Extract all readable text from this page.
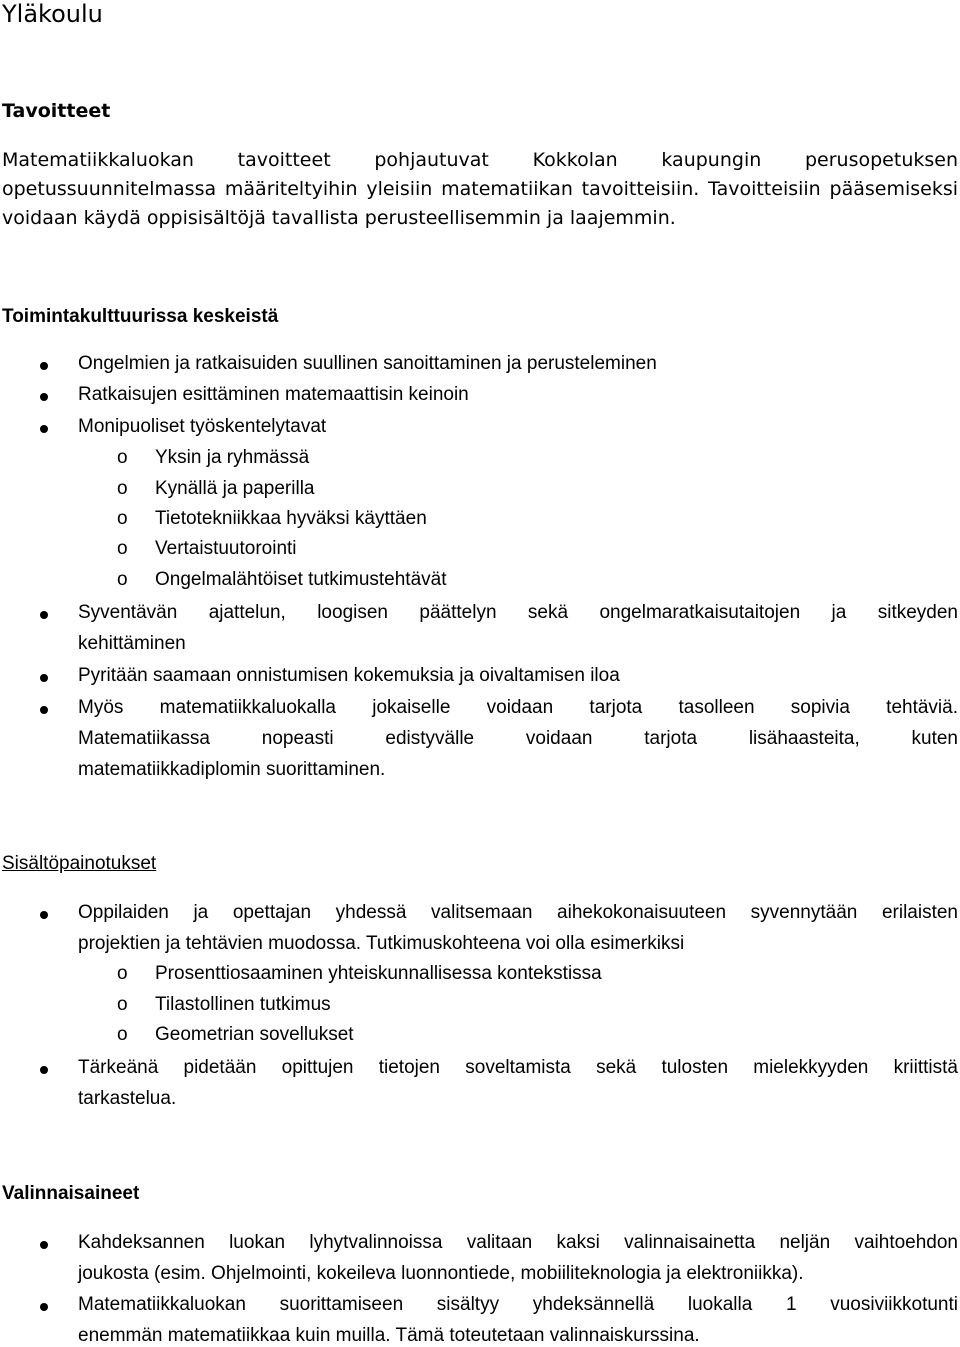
Yläkoulu
Tavoitteet
Matematiikkaluokan tavoitteet pohjautuvat Kokkolan kaupungin perusopetuksen
opetussuunnitelmassa määriteltyihin yleisiin matematiikan tavoitteisiin. Tavoitteisiin pääsemiseksi
voidaan käydä oppisisältöjä tavallista perusteellisemmin ja laajemmin.
Toimintakulttuurissa keskeistä
Ongelmien ja ratkaisuiden suullinen sanoittaminen ja perusteleminen
Ratkaisujen esittäminen matemaattisin keinoin
Monipuoliset työskentelytavat
o Yksin ja ryhmässä
o Kynällä ja paperilla
o Tietotekniikkaa hyväksi käyttäen
o Vertaistuutorointi
o Ongelmalähtöiset tutkimustehtävät
Syventävän ajattelun, loogisen päättelyn sekä ongelmaratkaisutaitojen ja sitkeyden
kehittäminen
Pyritään saamaan onnistumisen kokemuksia ja oivaltamisen iloa
Myös matematiikkaluokalla jokaiselle voidaan tarjota tasolleen sopivia tehtäviä.
Matematiikassa nopeasti edistyvälle voidaan tarjota lisähaasteita, kuten
matematiikkadiplomin suorittaminen.
Sisältöpainotukset
Oppilaiden ja opettajan yhdessä valitsemaan aihekokonaisuuteen syvennytään erilaisten
projektien ja tehtävien muodossa. Tutkimuskohteena voi olla esimerkiksi
o Prosenttiosaaminen yhteiskunnallisessa kontekstissa
o Tilastollinen tutkimus
o Geometrian sovellukset
Tärkeänä pidetään opittujen tietojen soveltamista sekä tulosten mielekkyyden kriittistä
tarkastelua.
Valinnaisaineet
Kahdeksannen luokan lyhytvalinnoissa valitaan kaksi valinnaisainetta neljän vaihtoehdon
joukosta (esim. Ohjelmointi, kokeileva luonnontiede, mobiiliteknologia ja elektroniikka).
Matematiikkaluokan suorittamiseen sisältyy yhdeksännellä luokalla 1 vuosiviikkotunti
enemmän matematiikkaa kuin muilla. Tämä toteutetaan valinnaiskurssina.
